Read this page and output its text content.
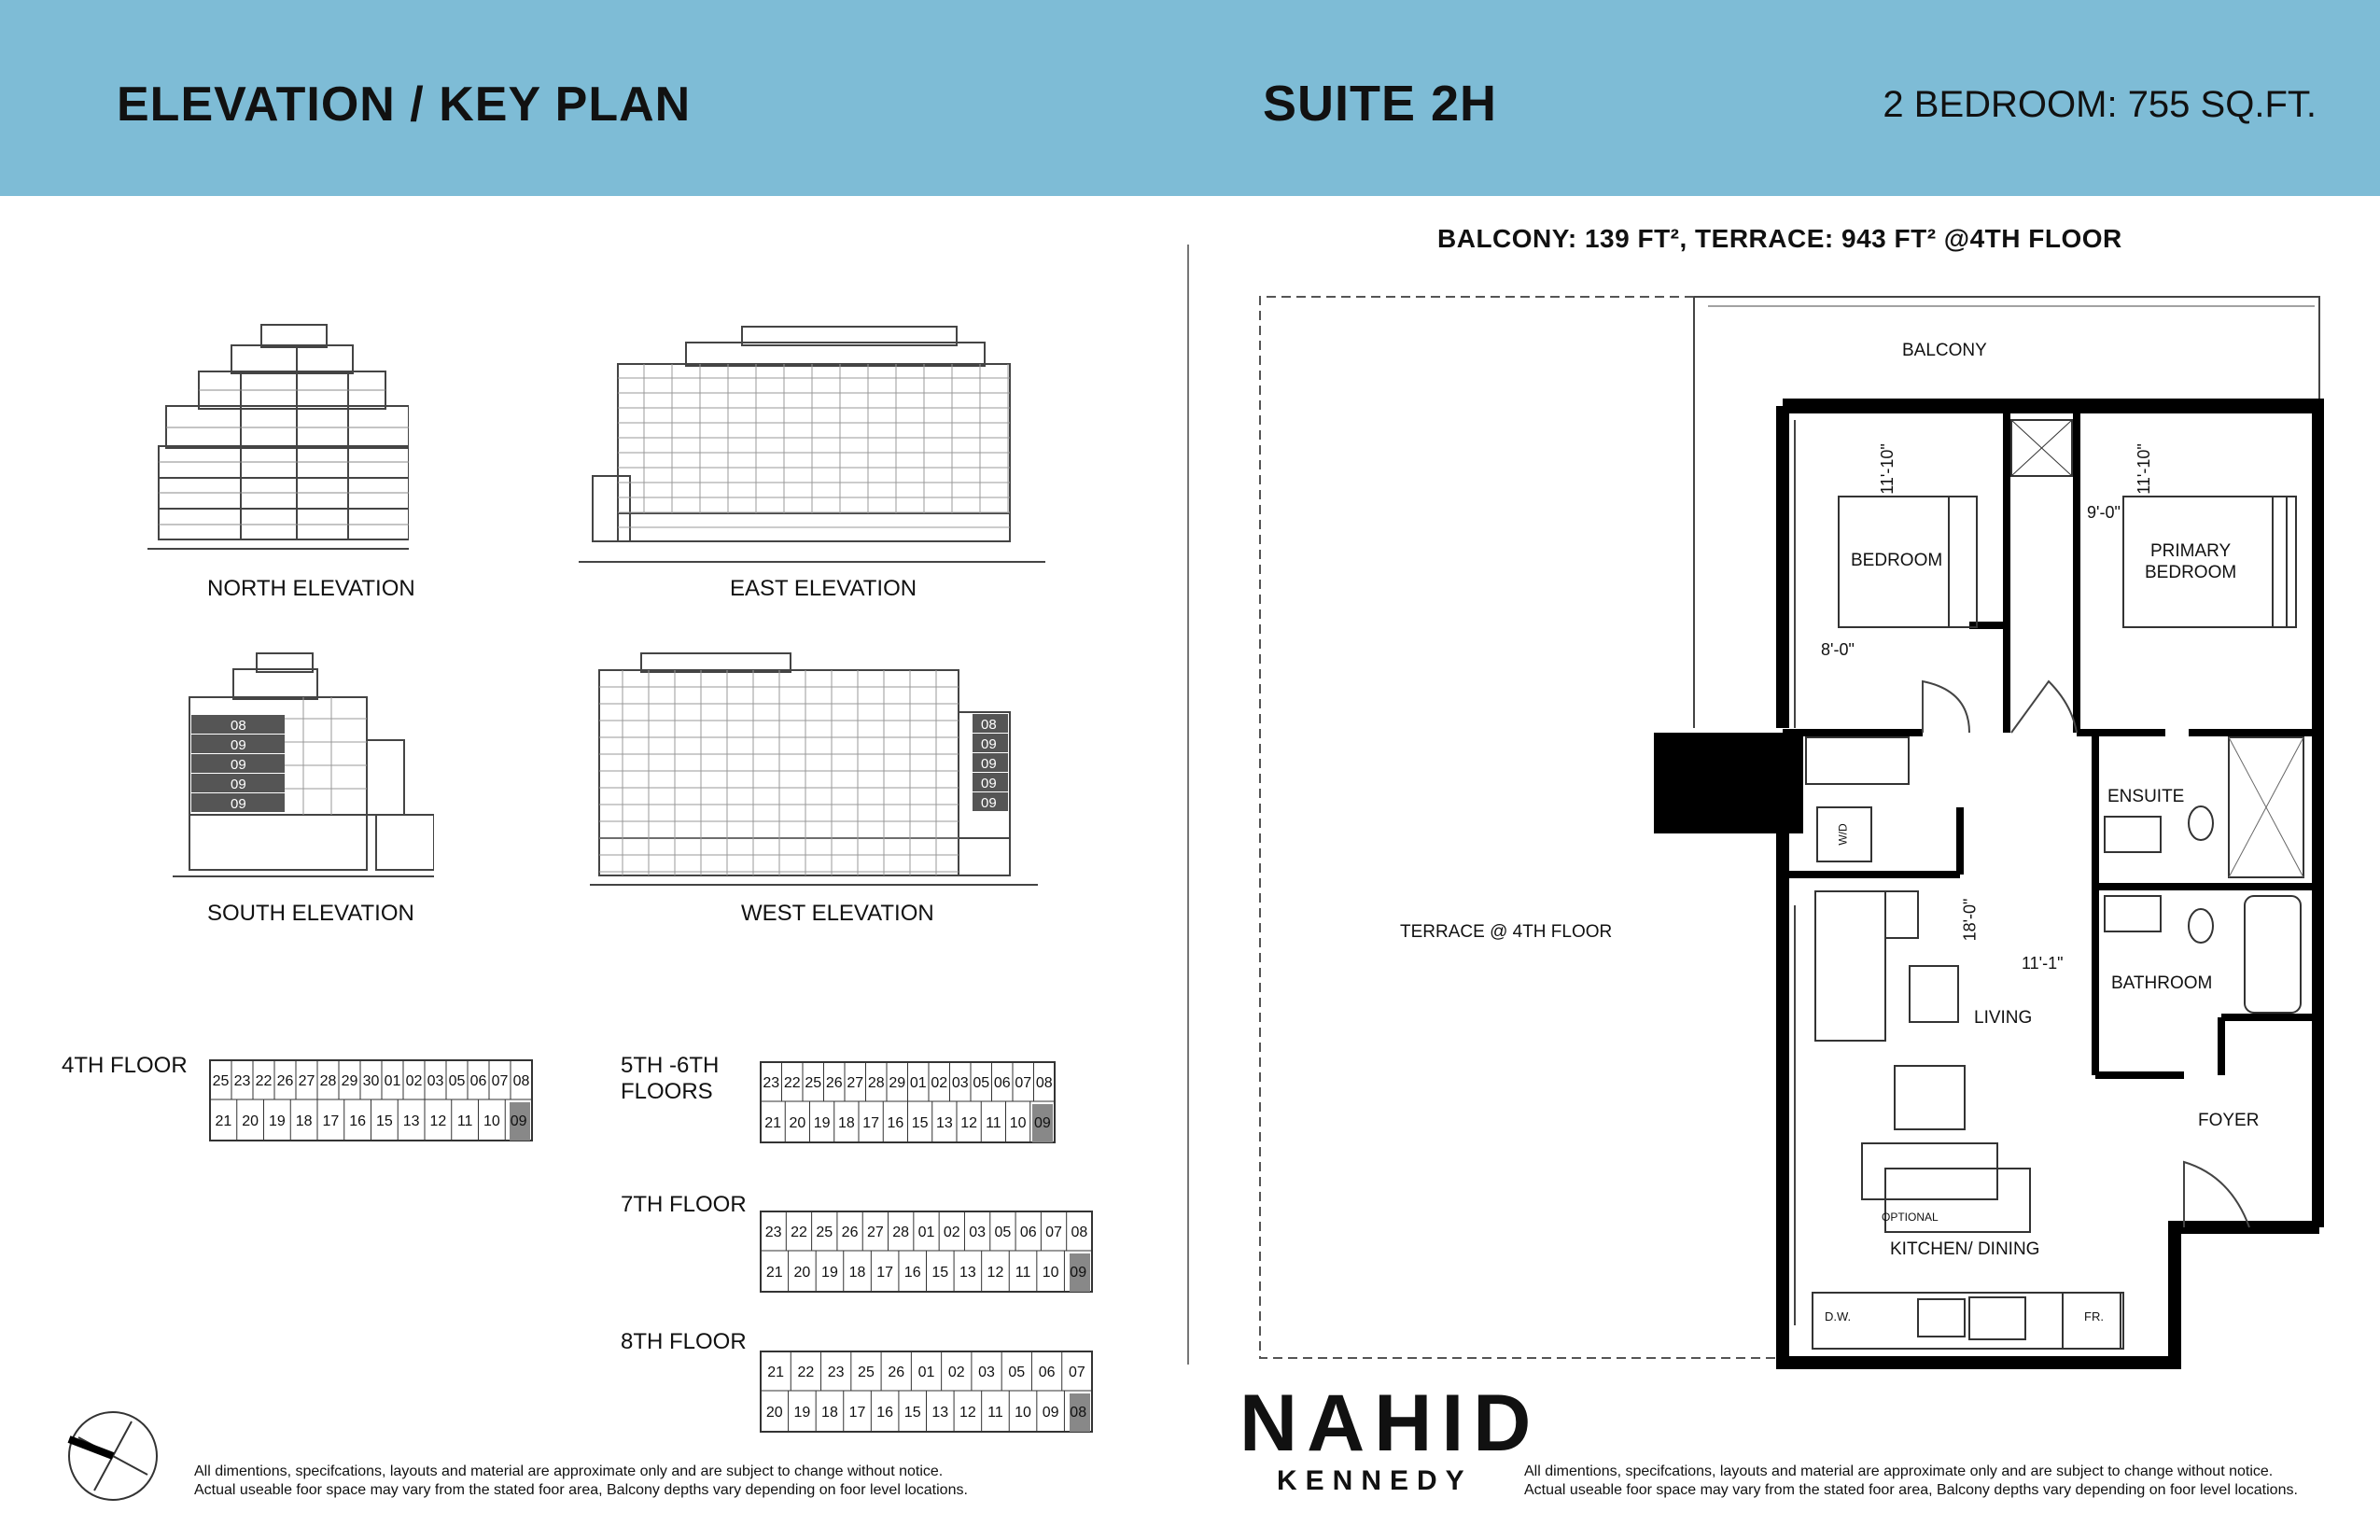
ELEVATION / KEY PLAN	SUITE 2H	2 BEDROOM: 755 SQ.FT.
NORTH ELEVATION	EAST ELEVATION
08
09
09
09
09
SOUTH ELEVATION
08
09
09
09
09
WEST ELEVATION
4TH FLOOR
25 23 22 26 27 28 29 30 01 02 03 05 06 07 08
21 20 19 18 17 16 15 13 12 11 10 09
5TH -6TH
FLOORS	23 22 25 26 27 28 29 01 02 03 05 06 07 08
21 20 19 18 17 16 15 13 12 11 10 09
7TH FLOOR
23 22 25 26 27 28 01 02 03 05 06 07 08
21 20 19 18 17 16 15 13 12 11 10 09
8TH FLOOR
21 22 23 25 26 01 02 03 05 06 07
20 19 18 17 16 15 13 12 11 10 09 08
All dimentions, specifcations, layouts and material are approximate only and are subject to change without notice.
Actual useable foor space may vary from the stated foor area, Balcony depths vary depending on foor level locations.
BALCONY: 139 FT², TERRACE: 943 FT² @4TH FLOOR
BALCONY
TERRACE @ 4TH FLOOR
BEDROOM	PRIMARY
BEDROOM
ENSUITE
BATHROOM
LIVING
FOYER
KITCHEN/ DINING
OPTIONAL
W/D
D.W.	FR.
11'-10"
8'-0"
11'-10"
9'-0"
18'-0"
11'-1"
NAHID
KENNEDY	All dimentions, specifcations, layouts and material are approximate only and are subject to change without notice.
Actual useable foor space may vary from the stated foor area, Balcony depths vary depending on foor level locations.
